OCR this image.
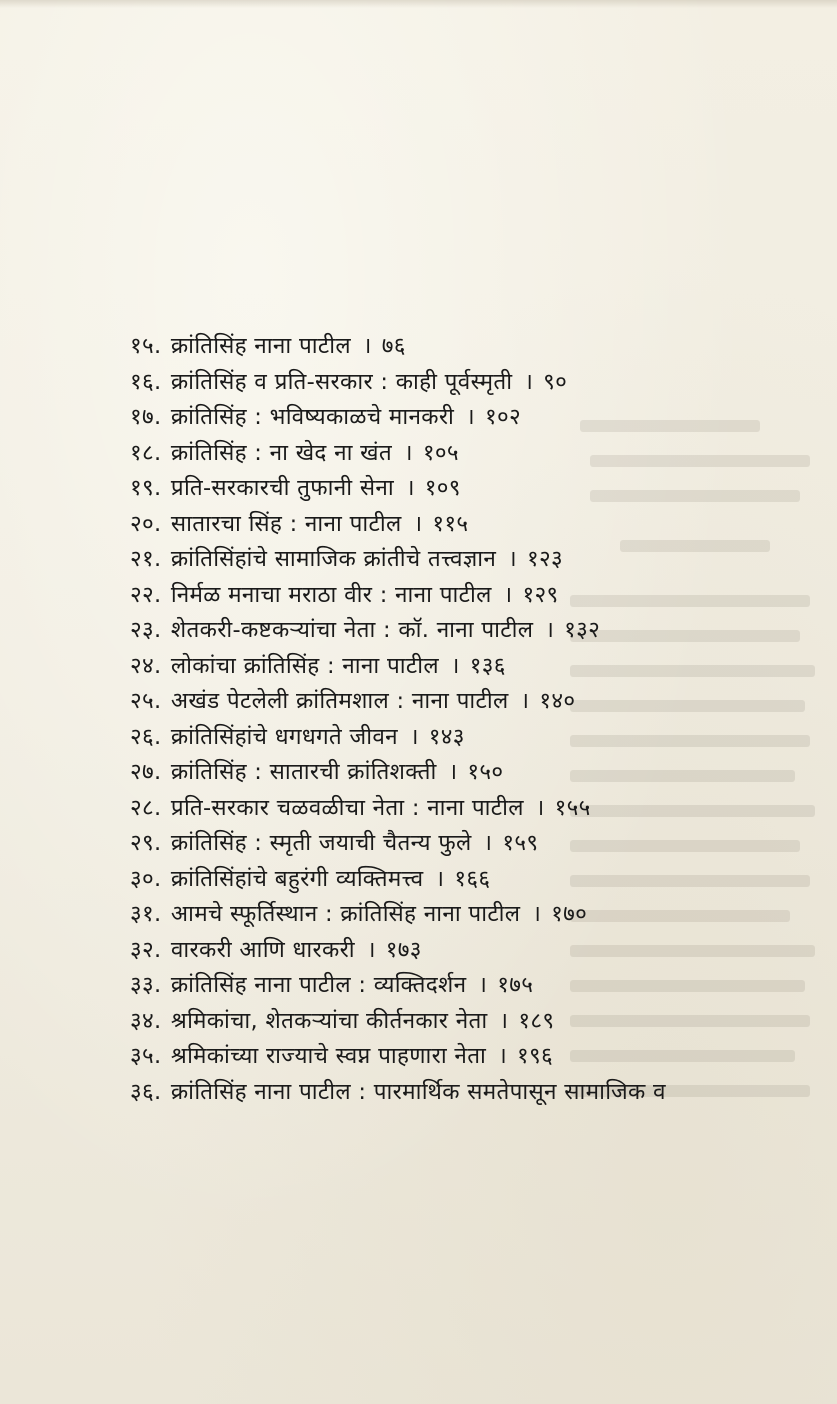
१५. क्रांतिसिंह नाना पाटील । ७६
१६. क्रांतिसिंह व प्रति-सरकार : काही पूर्वस्मृती । ९०
१७. क्रांतिसिंह : भविष्यकाळचे मानकरी । १०२
१८. क्रांतिसिंह : ना खेद ना खंत । १०५
१९. प्रति-सरकारची तुफानी सेना । १०९
२०. सातारचा सिंह : नाना पाटील । ११५
२१. क्रांतिसिंहांचे सामाजिक क्रांतीचे तत्त्वज्ञान । १२३
२२. निर्मळ मनाचा मराठा वीर : नाना पाटील । १२९
२३. शेतकरी-कष्टकऱ्यांचा नेता : कॉ. नाना पाटील । १३२
२४. लोकांचा क्रांतिसिंह : नाना पाटील । १३६
२५. अखंड पेटलेली क्रांतिमशाल : नाना पाटील । १४०
२६. क्रांतिसिंहांचे धगधगते जीवन । १४३
२७. क्रांतिसिंह : सातारची क्रांतिशक्ती । १५०
२८. प्रति-सरकार चळवळीचा नेता : नाना पाटील । १५५
२९. क्रांतिसिंह : स्मृती जयाची चैतन्य फुले । १५९
३०. क्रांतिसिंहांचे बहुरंगी व्यक्तिमत्त्व । १६६
३१. आमचे स्फूर्तिस्थान : क्रांतिसिंह नाना पाटील । १७०
३२. वारकरी आणि धारकरी । १७३
३३. क्रांतिसिंह नाना पाटील : व्यक्तिदर्शन । १७५
३४. श्रमिकांचा, शेतकऱ्यांचा कीर्तनकार नेता । १८९
३५. श्रमिकांच्या राज्याचे स्वप्न पाहणारा नेता । १९६
३६. क्रांतिसिंह नाना पाटील : पारमार्थिक समतेपासून सामाजिक व
